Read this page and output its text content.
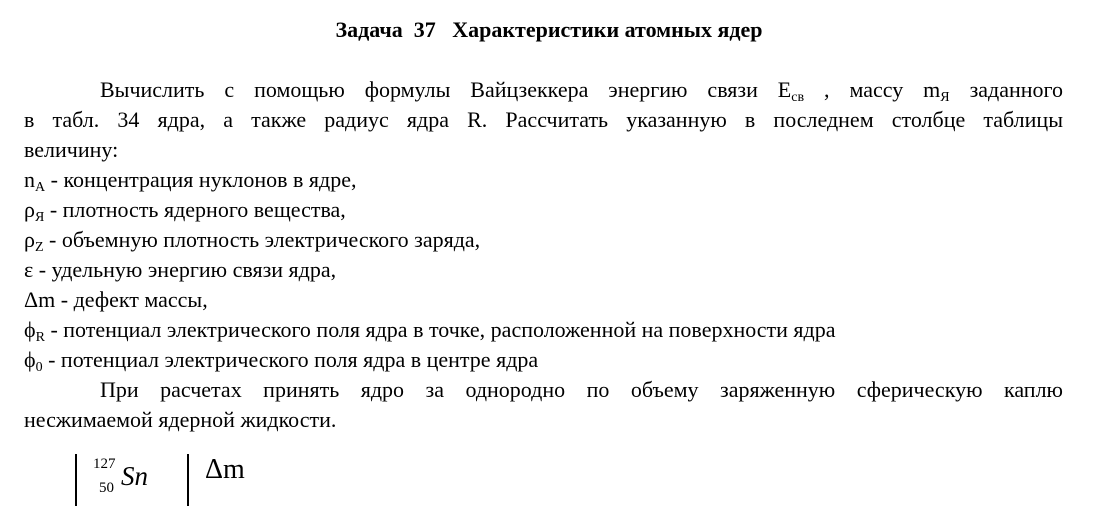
Задача  37   Характеристики атомных ядер
Вычислить с помощью формулы Вайцзеккера энергию связи $E_{св}$ , массу $m_Я$ заданного
в табл. 34 ядра, а также радиус ядра R. Рассчитать указанную в последнем столбце таблицы
величину:
$n_A$ - концентрация нуклонов в ядре,
$\rho_Я$ - плотность ядерного вещества,
$\rho_Z$ - объемную плотность электрического заряда,
ε - удельную энергию связи ядра,
Δm - дефект массы,
$\phi_R$ - потенциал электрического поля ядра в точке, расположенной на поверхности ядра
$\phi_0$ - потенциал электрического поля ядра в центре ядра
При расчетах принять ядро за однородно по объему заряженную сферическую каплю
несжимаемой ядерной жидкости.
127
50 Sn Δm
